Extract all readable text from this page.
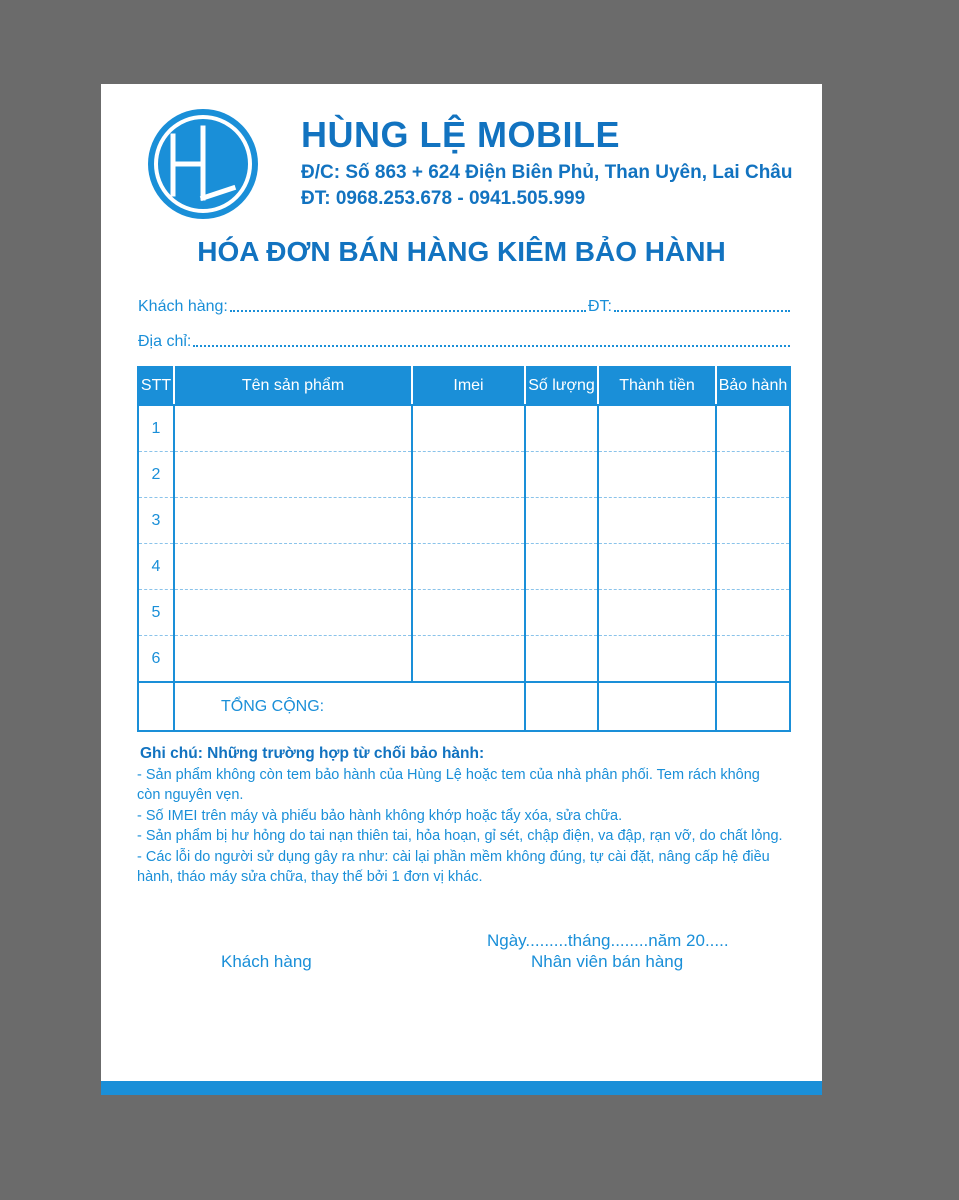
HL
HÙNG LỆ MOBILE
Đ/C: Số 863 + 624 Điện Biên Phủ, Than Uyên, Lai Châu
ĐT: 0968.253.678 - 0941.505.999
HÓA ĐƠN BÁN HÀNG KIÊM BẢO HÀNH
Khách hàng:	ĐT:
Địa chỉ:
STT	Tên sản phẩm	Imei	Số lượng	Thành tiền	Bảo hành
1					
2					
3					
4					
5					
6					
	TỔNG CỘNG:				
Ghi chú: Những trường hợp từ chối bảo hành:

- Sản phẩm không còn tem bảo hành của Hùng Lệ hoặc tem của nhà phân phối. Tem rách không còn nguyên vẹn.

- Số IMEI trên máy và phiếu bảo hành không khớp hoặc tẩy xóa, sửa chữa.

- Sản phẩm bị hư hỏng do tai nạn thiên tai, hỏa hoạn, gỉ sét, chập điện, va đập, rạn vỡ, do chất lỏng.

- Các lỗi do người sử dụng gây ra như: cài lại phần mềm không đúng, tự cài đặt, nâng cấp hệ điều hành, tháo máy sửa chữa, thay thế bởi 1 đơn vị khác.

Ngày.........tháng........năm 20.....
Khách hàng	Nhân viên bán hàng
